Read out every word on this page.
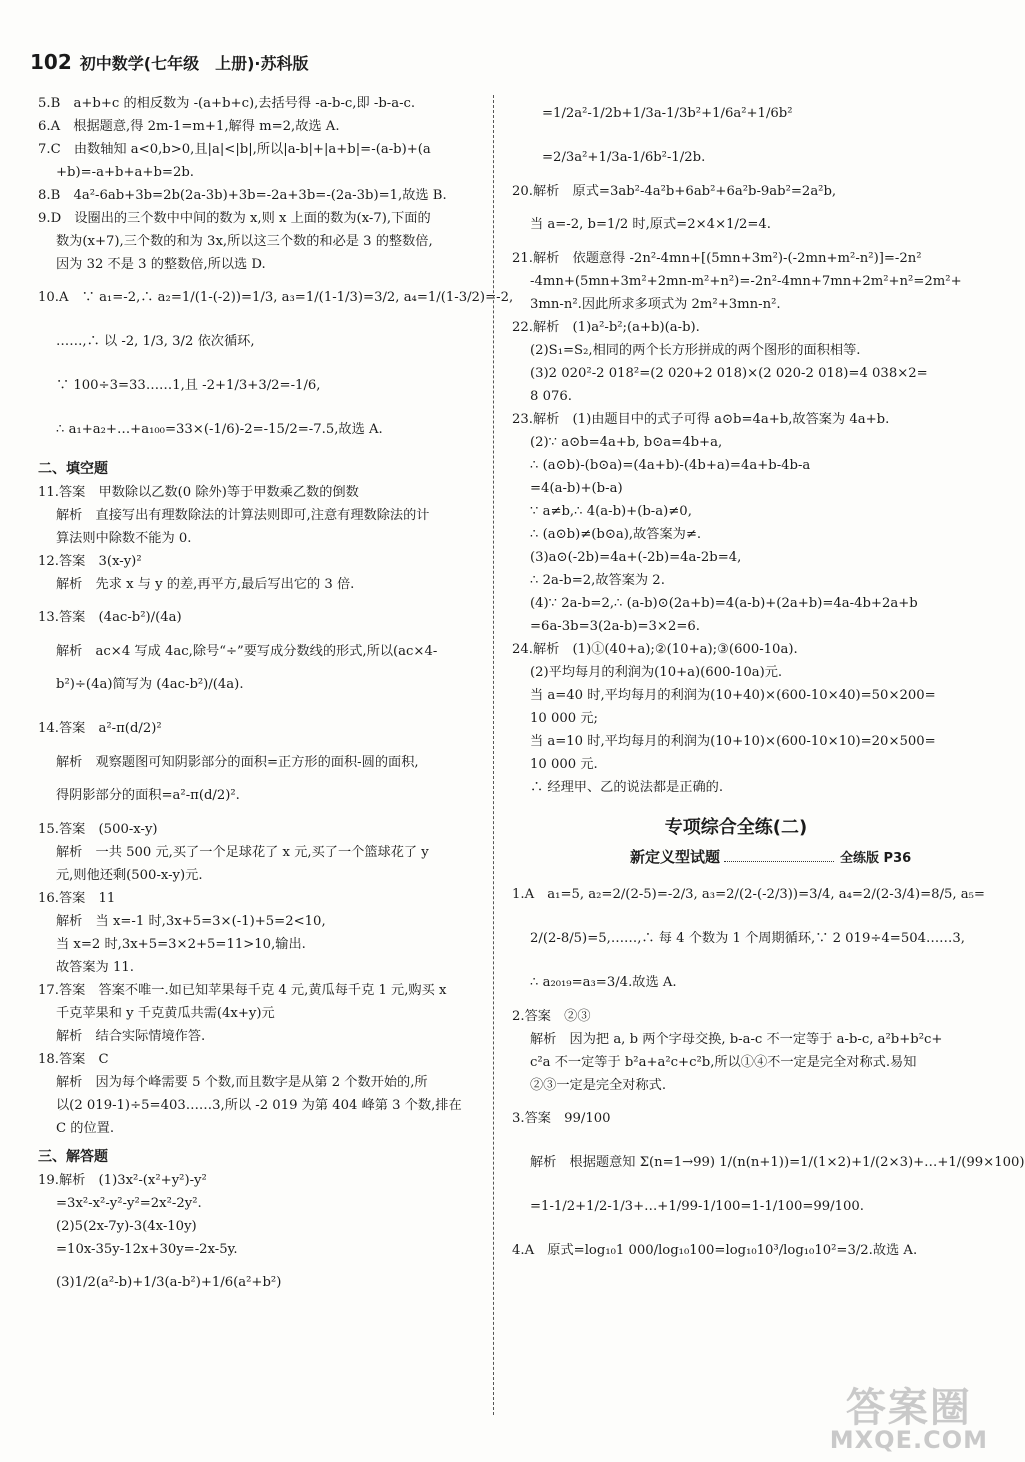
102 初中数学(七年级　上册)·苏科版
5.B　a+b+c 的相反数为 -(a+b+c),去括号得 -a-b-c,即 -b-a-c.
6.A　根据题意,得 2m-1=m+1,解得 m=2,故选 A.
7.C　由数轴知 a<0,b>0,且|a|<|b|,所以|a-b|+|a+b|=-(a-b)+(a
+b)=-a+b+a+b=2b.
8.B　4a²-6ab+3b=2b(2a-3b)+3b=-2a+3b=-(2a-3b)=1,故选 B.
9.D　设圈出的三个数中中间的数为 x,则 x 上面的数为(x-7),下面的
数为(x+7),三个数的和为 3x,所以这三个数的和必是 3 的整数倍,
因为 32 不是 3 的整数倍,所以选 D.
10.A　∵ a₁=-2,∴ a₂=1/(1-(-2))=1/3, a₃=1/(1-1/3)=3/2, a₄=1/(1-3/2)=-2,
……,∴ 以 -2, 1/3, 3/2 依次循环,
∵ 100÷3=33……1,且 -2+1/3+3/2=-1/6,
∴ a₁+a₂+…+a₁₀₀=33×(-1/6)-2=-15/2=-7.5,故选 A.
二、填空题
11.答案　甲数除以乙数(0 除外)等于甲数乘乙数的倒数
解析　直接写出有理数除法的计算法则即可,注意有理数除法的计
算法则中除数不能为 0.
12.答案　3(x-y)²
解析　先求 x 与 y 的差,再平方,最后写出它的 3 倍.
13.答案　(4ac-b²)/(4a)
解析　ac×4 写成 4ac,除号“÷”要写成分数线的形式,所以(ac×4-
b²)÷(4a)简写为 (4ac-b²)/(4a).
14.答案　a²-π(d/2)²
解析　观察题图可知阴影部分的面积=正方形的面积-圆的面积,
得阴影部分的面积=a²-π(d/2)².
15.答案　(500-x-y)
解析　一共 500 元,买了一个足球花了 x 元,买了一个篮球花了 y
元,则他还剩(500-x-y)元.
16.答案　11
解析　当 x=-1 时,3x+5=3×(-1)+5=2<10,
当 x=2 时,3x+5=3×2+5=11>10,输出.
故答案为 11.
17.答案　答案不唯一.如已知苹果每千克 4 元,黄瓜每千克 1 元,购买 x
千克苹果和 y 千克黄瓜共需(4x+y)元
解析　结合实际情境作答.
18.答案　C
解析　因为每个峰需要 5 个数,而且数字是从第 2 个数开始的,所
以(2 019-1)÷5=403……3,所以 -2 019 为第 404 峰第 3 个数,排在
C 的位置.
三、解答题
19.解析　(1)3x²-(x²+y²)-y²
=3x²-x²-y²-y²=2x²-2y².
(2)5(2x-7y)-3(4x-10y)
=10x-35y-12x+30y=-2x-5y.
(3)1/2(a²-b)+1/3(a-b²)+1/6(a²+b²)
=1/2a²-1/2b+1/3a-1/3b²+1/6a²+1/6b²
=2/3a²+1/3a-1/6b²-1/2b.
20.解析　原式=3ab²-4a²b+6ab²+6a²b-9ab²=2a²b,
当 a=-2, b=1/2 时,原式=2×4×1/2=4.
21.解析　依题意得 -2n²-4mn+[(5mn+3m²)-(-2mn+m²-n²)]=-2n²
-4mn+(5mn+3m²+2mn-m²+n²)=-2n²-4mn+7mn+2m²+n²=2m²+
3mn-n².因此所求多项式为 2m²+3mn-n².
22.解析　(1)a²-b²;(a+b)(a-b).
(2)S₁=S₂,相同的两个长方形拼成的两个图形的面积相等.
(3)2 020²-2 018²=(2 020+2 018)×(2 020-2 018)=4 038×2=
8 076.
23.解析　(1)由题目中的式子可得 a⊙b=4a+b,故答案为 4a+b.
(2)∵ a⊙b=4a+b, b⊙a=4b+a,
∴ (a⊙b)-(b⊙a)=(4a+b)-(4b+a)=4a+b-4b-a
=4(a-b)+(b-a)
∵ a≠b,∴ 4(a-b)+(b-a)≠0,
∴ (a⊙b)≠(b⊙a),故答案为≠.
(3)a⊙(-2b)=4a+(-2b)=4a-2b=4,
∴ 2a-b=2,故答案为 2.
(4)∵ 2a-b=2,∴ (a-b)⊙(2a+b)=4(a-b)+(2a+b)=4a-4b+2a+b
=6a-3b=3(2a-b)=3×2=6.
24.解析　(1)①(40+a);②(10+a);③(600-10a).
(2)平均每月的利润为(10+a)(600-10a)元.
当 a=40 时,平均每月的利润为(10+40)×(600-10×40)=50×200=
10 000 元;
当 a=10 时,平均每月的利润为(10+10)×(600-10×10)=20×500=
10 000 元.
∴ 经理甲、乙的说法都是正确的.
专项综合全练(二)
新定义型试题	全练版 P36
1.A　a₁=5, a₂=2/(2-5)=-2/3, a₃=2/(2-(-2/3))=3/4, a₄=2/(2-3/4)=8/5, a₅=
2/(2-8/5)=5,……,∴ 每 4 个数为 1 个周期循环,∵ 2 019÷4=504……3,
∴ a₂₀₁₉=a₃=3/4.故选 A.
2.答案　②③
解析　因为把 a, b 两个字母交换, b-a-c 不一定等于 a-b-c, a²b+b²c+
c²a 不一定等于 b²a+a²c+c²b,所以①④不一定是完全对称式.易知
②③一定是完全对称式.
3.答案　99/100
解析　根据题意知 Σ(n=1→99) 1/(n(n+1))=1/(1×2)+1/(2×3)+…+1/(99×100)
=1-1/2+1/2-1/3+…+1/99-1/100=1-1/100=99/100.
4.A　原式=log₁₀1 000/log₁₀100=log₁₀10³/log₁₀10²=3/2.故选 A.
答案圈
MXQE.COM
